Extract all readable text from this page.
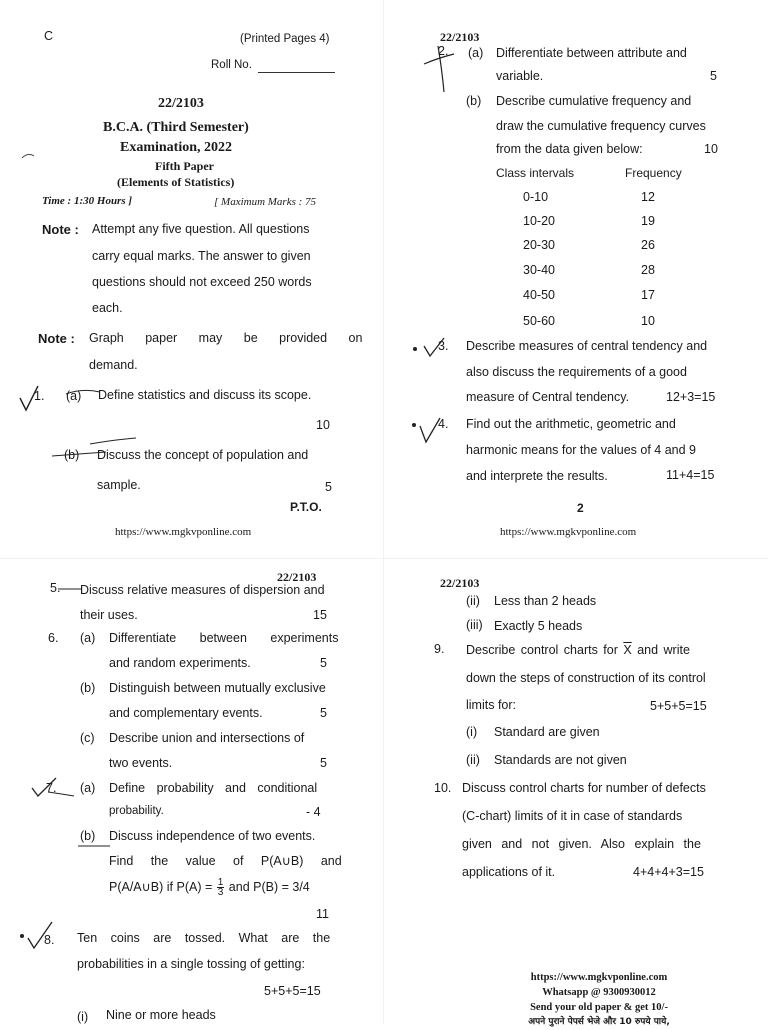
C	(Printed Pages 4)
Roll No.
22/2103
B.C.A. (Third Semester)
Examination, 2022
Fifth Paper
(Elements of Statistics)
Time : 1:30 Hours ]	[ Maximum Marks : 75
Note : Attempt any five question. All questions
carry equal marks. The answer to given
questions should not exceed 250 words
each.
Note : Graph paper may be provided on
demand.
1. (a) Define statistics and discuss its scope.
10
(b) Discuss the concept of population and
sample.	5
P.T.O.
https://www.mgkvponline.com
22/2103
2. (a) Differentiate between attribute and
variable.	5
(b) Describe cumulative frequency and
draw the cumulative frequency curves
from the data given below:	10
Class intervals	Frequency
0-10	12
10-20	19
20-30	26
30-40	28
40-50	17
50-60	10
3. Describe measures of central tendency and
also discuss the requirements of a good
measure of Central tendency.	12+3=15
4. Find out the arithmetic, geometric and
harmonic means for the values of 4 and 9
and interprete the results.	11+4=15
2
https://www.mgkvponline.com
22/2103
5. Discuss relative measures of dispersion and
their uses.	15
6. (a) Differentiate between experiments
and random experiments.	5
(b) Distinguish between mutually exclusive
and complementary events.	5
(c) Describe union and intersections of
two events.	5
7. (a) Define probability and conditional
probability.	- 4
(b) Discuss independence of two events.
Find the value of P(A∪B) and
P(A/A∪B) if $P(A) = \frac{1}{3}$ and P(B) = 3/4
11
8. Ten coins are tossed. What are the
probabilities in a single tossing of getting:
5+5+5=15
(i) Nine or more heads
22/2103
(ii) Less than 2 heads
(iii) Exactly 5 heads
9. Describe control charts for $\overline{X}$ and write
down the steps of construction of its control
limits for:	5+5+5=15
(i) Standard are given
(ii) Standards are not given
10. Discuss control charts for number of defects
(C-chart) limits of it in case of standards
given and not given. Also explain the
applications of it.	4+4+4+3=15
https://www.mgkvponline.com
Whatsapp @ 9300930012
Send your old paper & get 10/-
अपने पुराने पेपर्स भेजे और 10 रुपये पाये,
